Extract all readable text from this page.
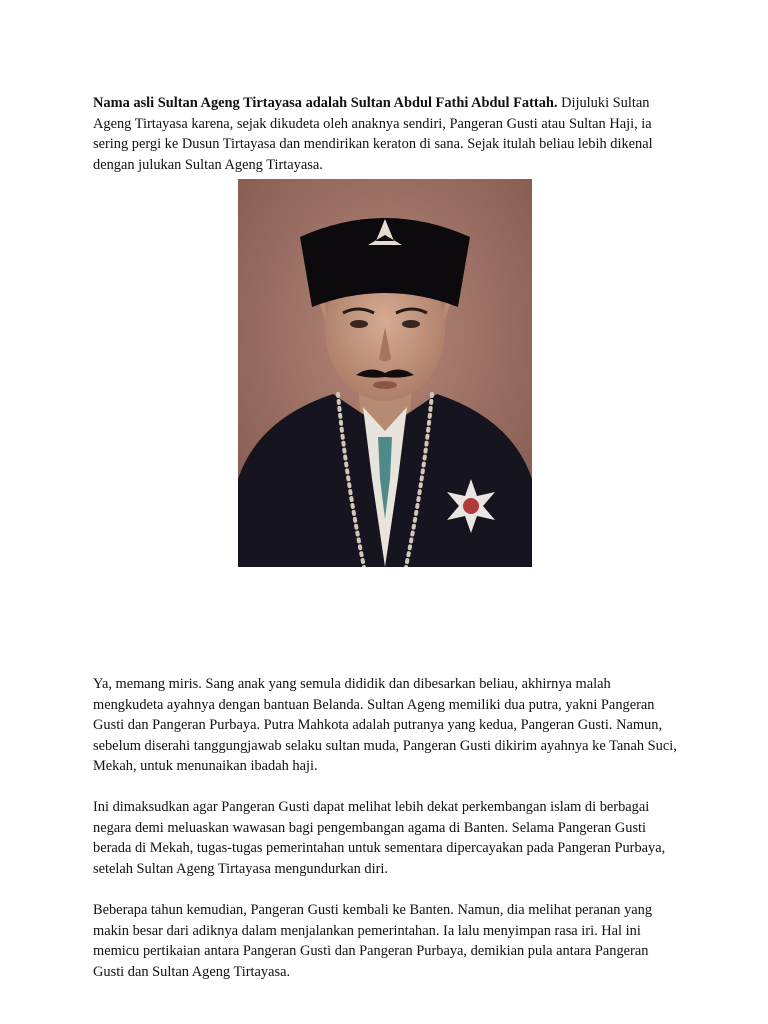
Nama asli Sultan Ageng Tirtayasa adalah Sultan Abdul Fathi Abdul Fattah. Dijuluki Sultan Ageng Tirtayasa karena, sejak dikudeta oleh anaknya sendiri, Pangeran Gusti atau Sultan Haji, ia sering pergi ke Dusun Tirtayasa dan mendirikan keraton di sana. Sejak itulah beliau lebih dikenal dengan julukan Sultan Ageng Tirtayasa.

Ya, memang miris. Sang anak yang semula dididik dan dibesarkan beliau, akhirnya malah mengkudeta ayahnya dengan bantuan Belanda. Sultan Ageng memiliki dua putra, yakni Pangeran Gusti dan Pangeran Purbaya. Putra Mahkota adalah putranya yang kedua, Pangeran Gusti. Namun, sebelum diserahi tanggungjawab selaku sultan muda, Pangeran Gusti dikirim ayahnya ke Tanah Suci, Mekah, untuk menunaikan ibadah haji.

Ini dimaksudkan agar Pangeran Gusti dapat melihat lebih dekat perkembangan islam di berbagai negara demi meluaskan wawasan bagi pengembangan agama di Banten. Selama Pangeran Gusti berada di Mekah, tugas-tugas pemerintahan untuk sementara dipercayakan pada Pangeran Purbaya, setelah Sultan Ageng Tirtayasa mengundurkan diri.

Beberapa tahun kemudian, Pangeran Gusti kembali ke Banten. Namun, dia melihat peranan yang makin besar dari adiknya dalam menjalankan pemerintahan. Ia lalu menyimpan rasa iri. Hal ini memicu pertikaian antara Pangeran Gusti dan Pangeran Purbaya, demikian pula antara Pangeran Gusti dan Sultan Ageng Tirtayasa.
